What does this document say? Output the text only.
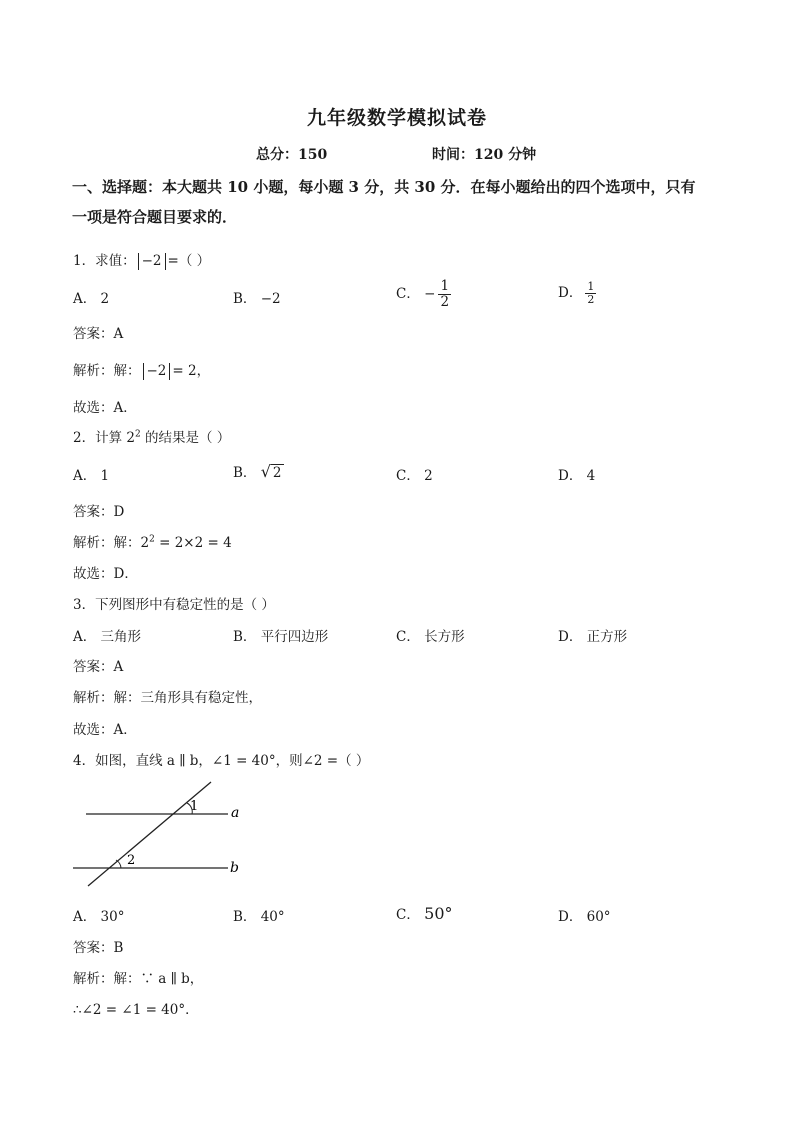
九年级数学模拟试卷
总分：150	时间：120 分钟
一、选择题：本大题共 10 小题，每小题 3 分，共 30 分．在每小题给出的四个选项中，只有
一项是符合题目要求的．
1．求值： −2 =（ ）
A． 2	B． −2	C． − $\frac{1}{2}$	D． $\frac{1}{2}$
答案：A
解析：解： −2 = 2，
故选：A．
2．计算 $2^2$ 的结果是（ ）
A． 1	B． √ 2	C． 2	D． 4
答案：D
解析：解：$2^2 = 2\times 2 = 4$
故选：D．
3．下列图形中有稳定性的是（ ）
A． 三角形	B． 平行四边形	C． 长方形	D． 正方形
答案：A
解析：解：三角形具有稳定性，
故选：A．
4．如图，直线 a ∥ b，∠1 = 40°，则∠2 =（ ）
1
2
a
b
A． 30°	B． 40°	C． 50°	D． 60°
答案：B
解析：解：∵ a ∥ b，
∴∠2 = ∠1 = 40°．
